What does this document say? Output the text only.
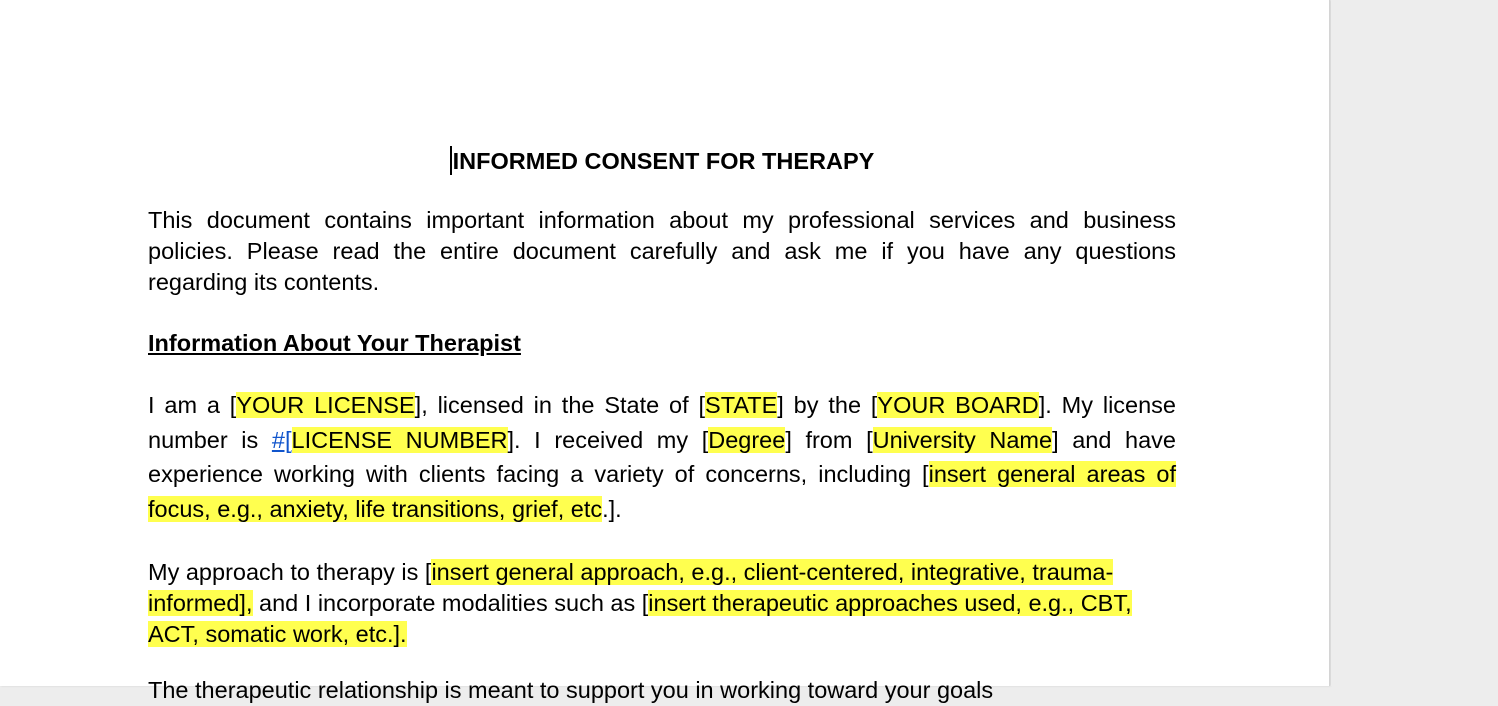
INFORMED CONSENT FOR THERAPY

This document contains important information about my professional services and business policies. Please read the entire document carefully and ask me if you have any questions regarding its contents.

Information About Your Therapist

I am a [YOUR LICENSE], licensed in the State of [STATE] by the [YOUR BOARD]. My license number is #[LICENSE NUMBER]. I received my [Degree] from [University Name] and have experience working with clients facing a variety of concerns, including [insert general areas of focus, e.g., anxiety, life transitions, grief, etc.].

My approach to therapy is [insert general approach, e.g., client-centered, integrative, trauma-informed], and I incorporate modalities such as [insert therapeutic approaches used, e.g., CBT, ACT, somatic work, etc.].

The therapeutic relationship is meant to support you in working toward your goals
